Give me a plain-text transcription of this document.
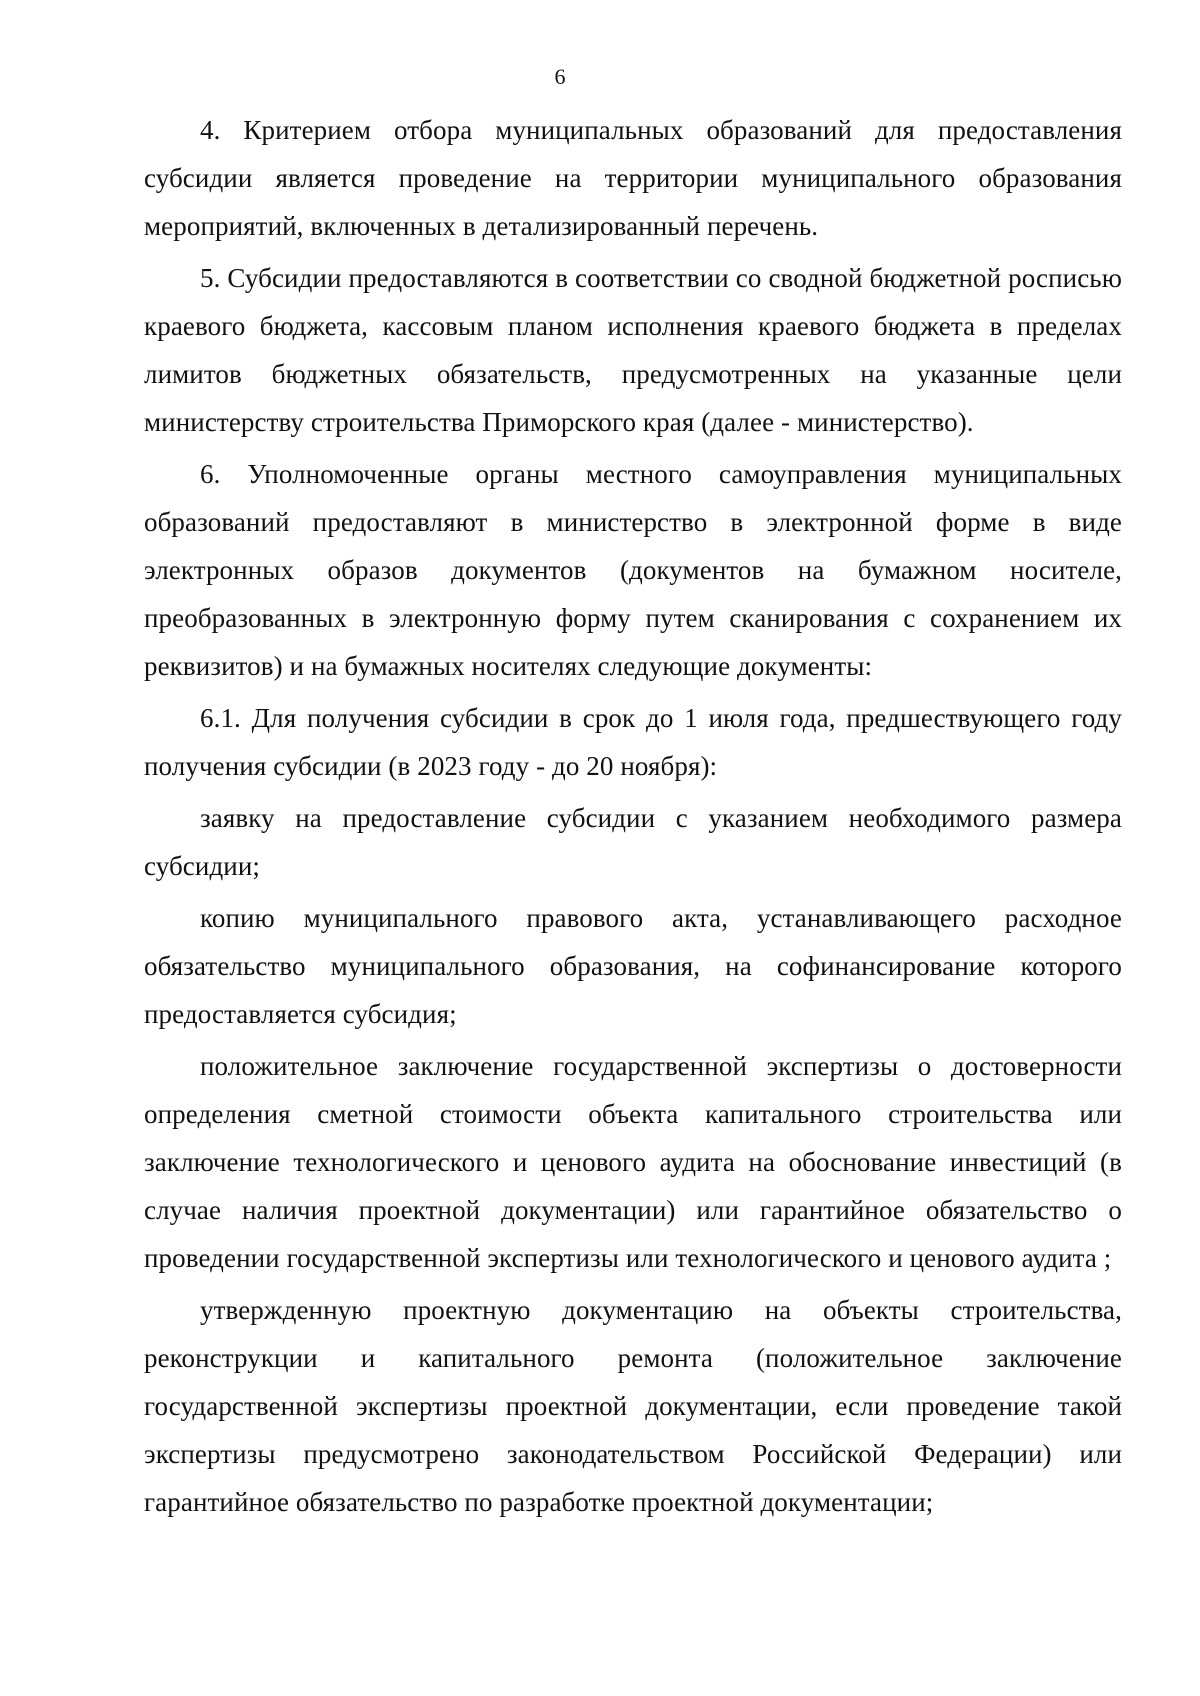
6

4. Критерием отбора муниципальных образований для предоставления субсидии является проведение на территории муниципального образования мероприятий, включенных в детализированный перечень.

5. Субсидии предоставляются в соответствии со сводной бюджетной росписью краевого бюджета, кассовым планом исполнения краевого бюджета в пределах лимитов бюджетных обязательств, предусмотренных на указанные цели министерству строительства Приморского края (далее - министерство).

6. Уполномоченные органы местного самоуправления муниципальных образований предоставляют в министерство в электронной форме в виде электронных образов документов (документов на бумажном носителе, преобразованных в электронную форму путем сканирования с сохранением их реквизитов) и на бумажных носителях следующие документы:

6.1. Для получения субсидии в срок до 1 июля года, предшествующего году получения субсидии (в 2023 году - до 20 ноября):

заявку на предоставление субсидии с указанием необходимого размера субсидии;

копию муниципального правового акта, устанавливающего расходное обязательство муниципального образования, на софинансирование которого предоставляется субсидия;

положительное заключение государственной экспертизы о достоверности определения сметной стоимости объекта капитального строительства или заключение технологического и ценового аудита на обоснование инвестиций (в случае наличия проектной документации) или гарантийное обязательство о проведении государственной экспертизы или технологического и ценового аудита ;

утвержденную проектную документацию на объекты строительства, реконструкции и капитального ремонта (положительное заключение государственной экспертизы проектной документации, если проведение такой экспертизы предусмотрено законодательством Российской Федерации) или гарантийное обязательство по разработке проектной документации;
